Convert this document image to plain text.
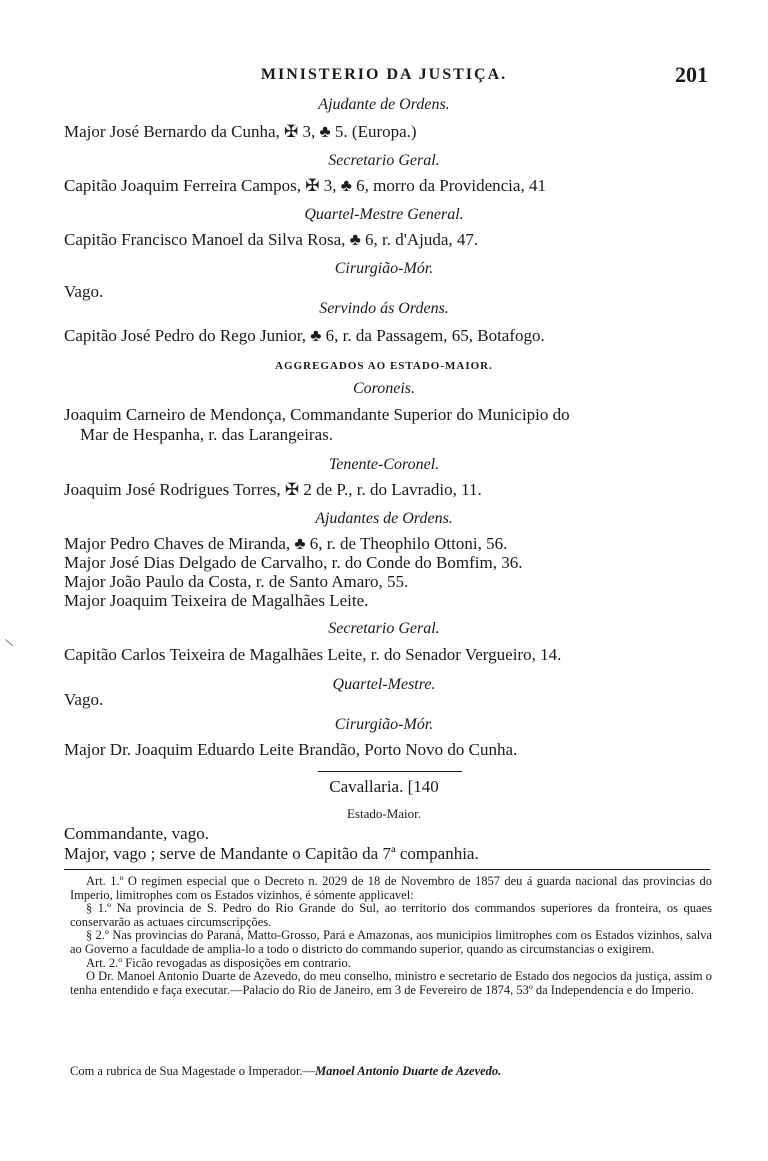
MINISTERIO DA JUSTIÇA.	201
Ajudante de Ordens.
Major José Bernardo da Cunha, ✠ 3, ♣ 5. (Europa.)
Secretario Geral.
Capitão Joaquim Ferreira Campos, ✠ 3, ♣ 6, morro da Providencia, 41
Quartel-Mestre General.
Capitão Francisco Manoel da Silva Rosa, ♣ 6, r. d'Ajuda, 47.
Cirurgião-Mór.
Vago.
Servindo ás Ordens.
Capitão José Pedro do Rego Junior, ♣ 6, r. da Passagem, 65, Botafogo.
AGGREGADOS AO ESTADO-MAIOR.
Coroneis.
Joaquim Carneiro de Mendonça, Commandante Superior do Municipio do
Mar de Hespanha, r. das Larangeiras.
Tenente-Coronel.
Joaquim José Rodrigues Torres, ✠ 2 de P., r. do Lavradio, 11.
Ajudantes de Ordens.
Major Pedro Chaves de Miranda, ♣ 6, r. de Theophilo Ottoni, 56.
Major José Dias Delgado de Carvalho, r. do Conde do Bomfim, 36.
Major João Paulo da Costa, r. de Santo Amaro, 55.
Major Joaquim Teixeira de Magalhães Leite.
Secretario Geral.
Capitão Carlos Teixeira de Magalhães Leite, r. do Senador Vergueiro, 14.
Quartel-Mestre.
Vago.
Cirurgião-Mór.
Major Dr. Joaquim Eduardo Leite Brandão, Porto Novo do Cunha.
Cavallaria. [140
Estado-Maior.
Commandante, vago.
Major, vago ; serve de Mandante o Capitão da 7ª companhia.

Art. 1.º O regimen especial que o Decreto n. 2029 de 18 de Novembro de 1857 deu á guarda nacional das provincias do Imperio, limitrophes com os Estados vizinhos, é sómente applicavel:

§ 1.º Na provincia de S. Pedro do Rio Grande do Sul, ao territorio dos commandos superiores da fronteira, os quaes conservarão as actuaes circumscripções.

§ 2.º Nas provincias do Paraná, Matto-Grosso, Pará e Amazonas, aos municipios limitrophes com os Estados vizinhos, salva ao Governo a faculdade de amplia-lo a todo o districto do commando superior, quando as circumstancias o exigirem.

Art. 2.º Ficão revogadas as disposições em contrario.

O Dr. Manoel Antonio Duarte de Azevedo, do meu conselho, ministro e secretario de Estado dos negocios da justiça, assim o tenha entendido e faça executar.—Palacio do Rio de Janeiro, em 3 de Fevereiro de 1874, 53º da Independencia e do Imperio.

Com a rubrica de Sua Magestade o Imperador.—Manoel Antonio Duarte de Azevedo.
\
